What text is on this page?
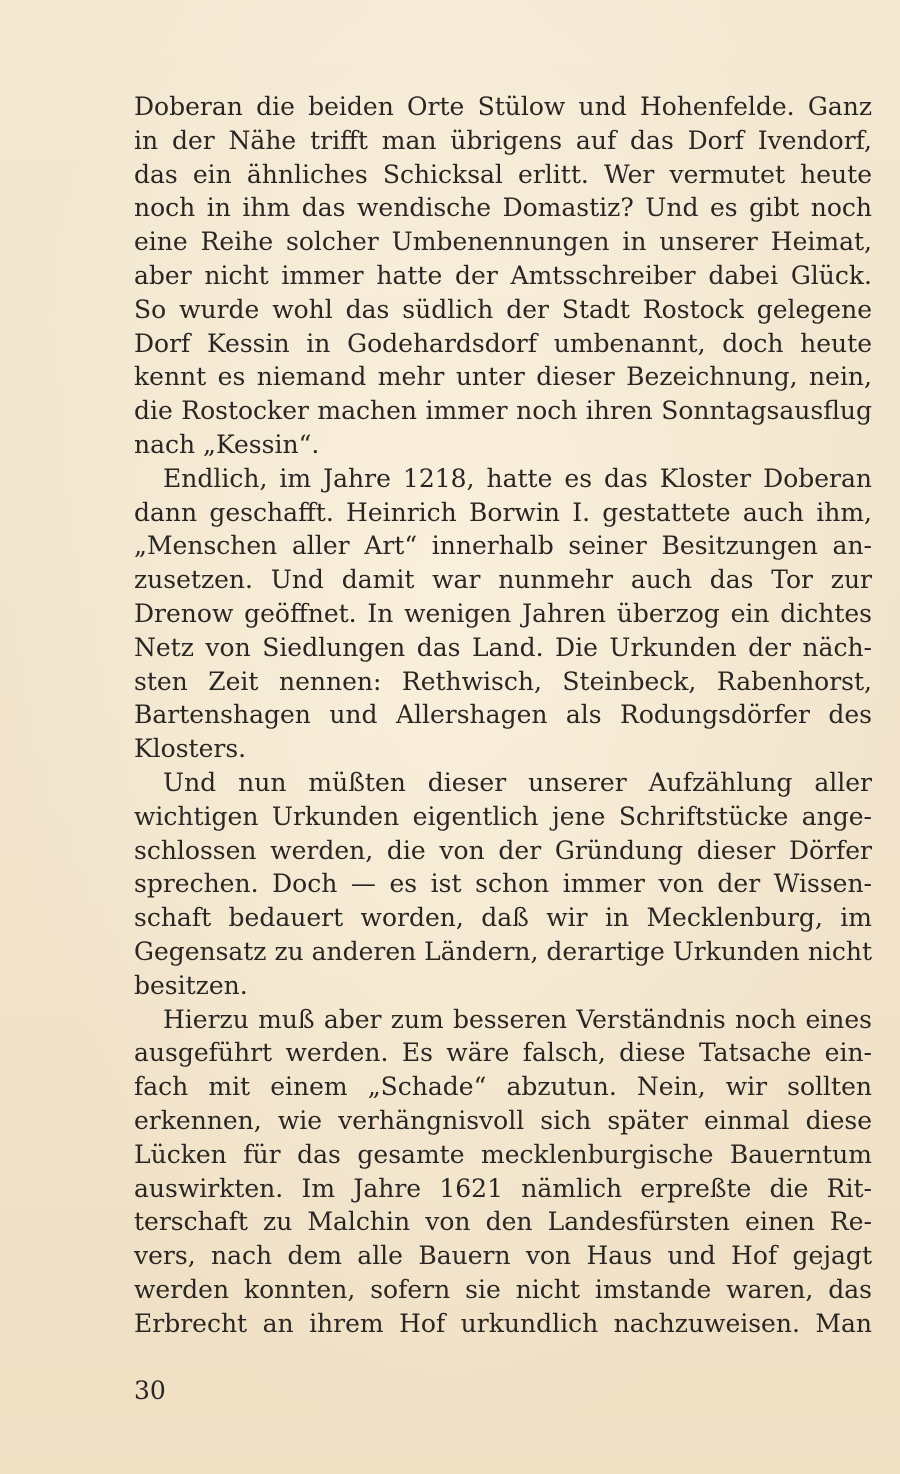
Doberan die beiden Orte Stülow und Hohenfelde. Ganz
in der Nähe trifft man übrigens auf das Dorf Ivendorf,
das ein ähnliches Schicksal erlitt. Wer vermutet heute
noch in ihm das wendische Domastiz? Und es gibt noch
eine Reihe solcher Umbenennungen in unserer Heimat,
aber nicht immer hatte der Amtsschreiber dabei Glück.
So wurde wohl das südlich der Stadt Rostock gelegene
Dorf Kessin in Godehardsdorf umbenannt, doch heute
kennt es niemand mehr unter dieser Bezeichnung, nein,
die Rostocker machen immer noch ihren Sonntagsausflug
nach „Kessin“.
Endlich, im Jahre 1218, hatte es das Kloster Doberan
dann geschafft. Heinrich Borwin I. gestattete auch ihm,
„Menschen aller Art“ innerhalb seiner Besitzungen an-
zusetzen. Und damit war nunmehr auch das Tor zur
Drenow geöffnet. In wenigen Jahren überzog ein dichtes
Netz von Siedlungen das Land. Die Urkunden der näch-
sten Zeit nennen: Rethwisch, Steinbeck, Rabenhorst,
Bartenshagen und Allershagen als Rodungsdörfer des
Klosters.
Und nun müßten dieser unserer Aufzählung aller
wichtigen Urkunden eigentlich jene Schriftstücke ange-
schlossen werden, die von der Gründung dieser Dörfer
sprechen. Doch — es ist schon immer von der Wissen-
schaft bedauert worden, daß wir in Mecklenburg, im
Gegensatz zu anderen Ländern, derartige Urkunden nicht
besitzen.
Hierzu muß aber zum besseren Verständnis noch eines
ausgeführt werden. Es wäre falsch, diese Tatsache ein-
fach mit einem „Schade“ abzutun. Nein, wir sollten
erkennen, wie verhängnisvoll sich später einmal diese
Lücken für das gesamte mecklenburgische Bauerntum
auswirkten. Im Jahre 1621 nämlich erpreßte die Rit-
terschaft zu Malchin von den Landesfürsten einen Re-
vers, nach dem alle Bauern von Haus und Hof gejagt
werden konnten, sofern sie nicht imstande waren, das
Erbrecht an ihrem Hof urkundlich nachzuweisen. Man
30
